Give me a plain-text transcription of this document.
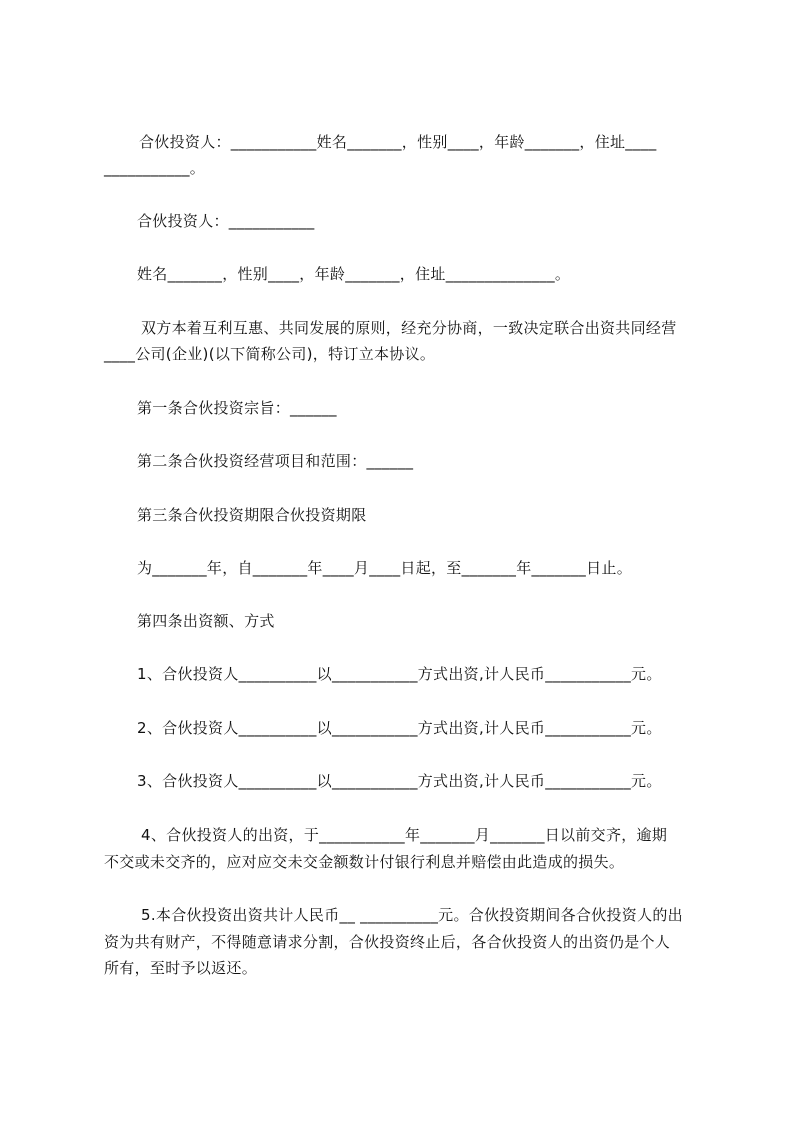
合伙投资人：___________姓名_______，性别____，年龄_______，住址____
___________。
合伙投资人：___________
姓名_______，性别____，年龄_______，住址______________。
双方本着互利互惠、共同发展的原则，经充分协商，一致决定联合出资共同经营
____公司(企业)(以下简称公司)，特订立本协议。
第一条合伙投资宗旨：______
第二条合伙投资经营项目和范围：______
第三条合伙投资期限合伙投资期限
为_______年，自_______年____月____日起，至_______年_______日止。
第四条出资额、方式
1、合伙投资人__________以___________方式出资,计人民币___________元。
2、合伙投资人__________以___________方式出资,计人民币___________元。
3、合伙投资人__________以___________方式出资,计人民币___________元。
4、合伙投资人的出资，于___________年_______月_______日以前交齐，逾期
不交或未交齐的，应对应交未交金额数计付银行利息并赔偿由此造成的损失。
5.本合伙投资出资共计人民币__ __________元。合伙投资期间各合伙投资人的出
资为共有财产，不得随意请求分割，合伙投资终止后，各合伙投资人的出资仍是个人
所有，至时予以返还。
